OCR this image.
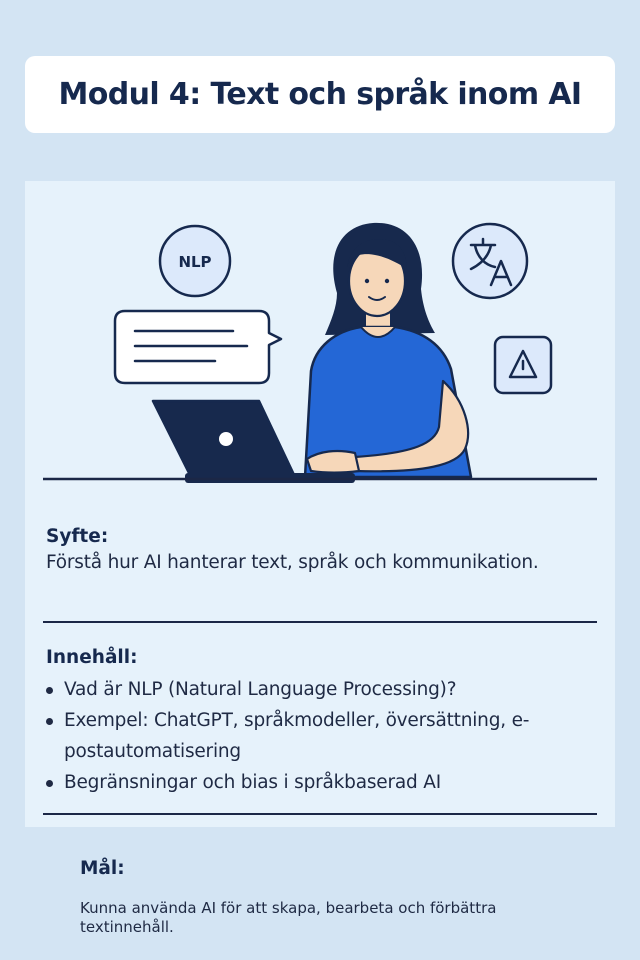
Modul 4: Text och språk inom AI
NLP
Syfte:
Förstå hur AI hanterar text, språk och kommunikation.
Innehåll:
Vad är NLP (Natural Language Processing)?
Exempel: ChatGPT, språkmodeller, översättning, e-postautomatisering
Begränsningar och bias i språkbaserad AI
Mål:
Kunna använda AI för att skapa, bearbeta och förbättra textinnehåll.
